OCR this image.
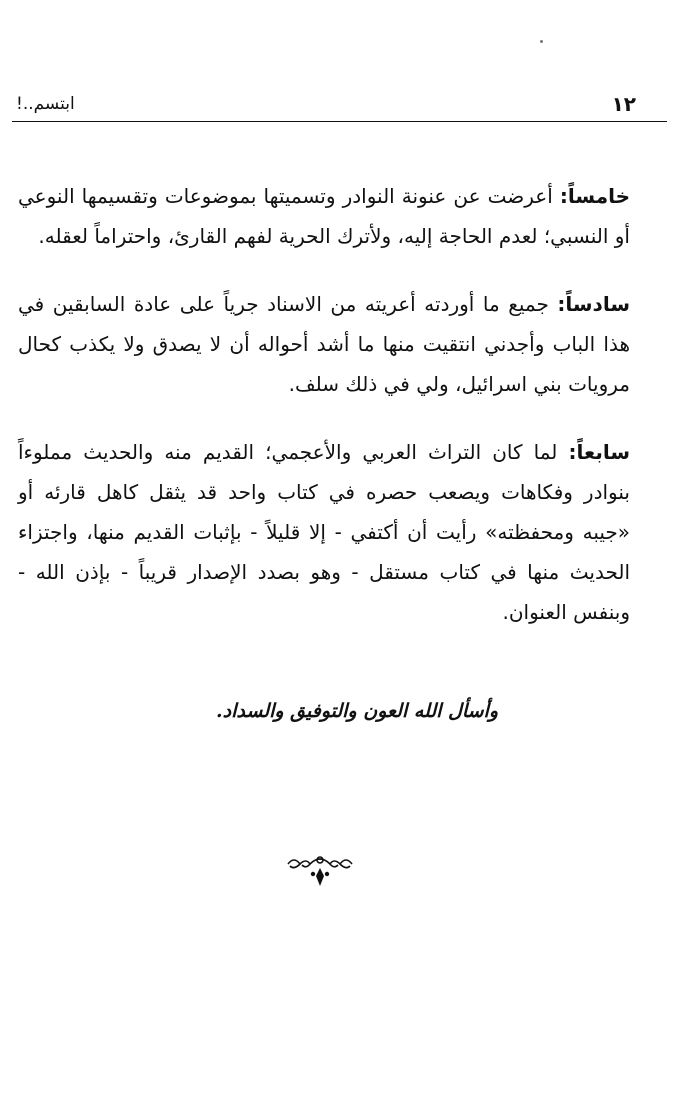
١٢
ابتسم..!

خامساً: أعرضت عن عنونة النوادر وتسميتها بموضوعات وتقسيمها النوعي أو النسبي؛ لعدم الحاجة إليه، ولأترك الحرية لفهم القارئ، واحتراماً لعقله.

سادساً: جميع ما أوردته أعريته من الاسناد جرياً على عادة السابقين في هذا الباب وأجدني انتقيت منها ما أشد أحواله أن لا يصدق ولا يكذب كحال مرويات بني اسرائيل، ولي في ذلك سلف.

سابعاً: لما كان التراث العربي والأعجمي؛ القديم منه والحديث مملوءاً بنوادر وفكاهات ويصعب حصره في كتاب واحد قد يثقل كاهل قارئه أو «جيبه ومحفظته» رأيت أن أكتفي - إلا قليلاً - بإثبات القديم منها، واجتزاء الحديث منها في كتاب مستقل - وهو بصدد الإصدار قريباً - بإذن الله - وبنفس العنوان.

وأسأل الله العون والتوفيق والسداد.
